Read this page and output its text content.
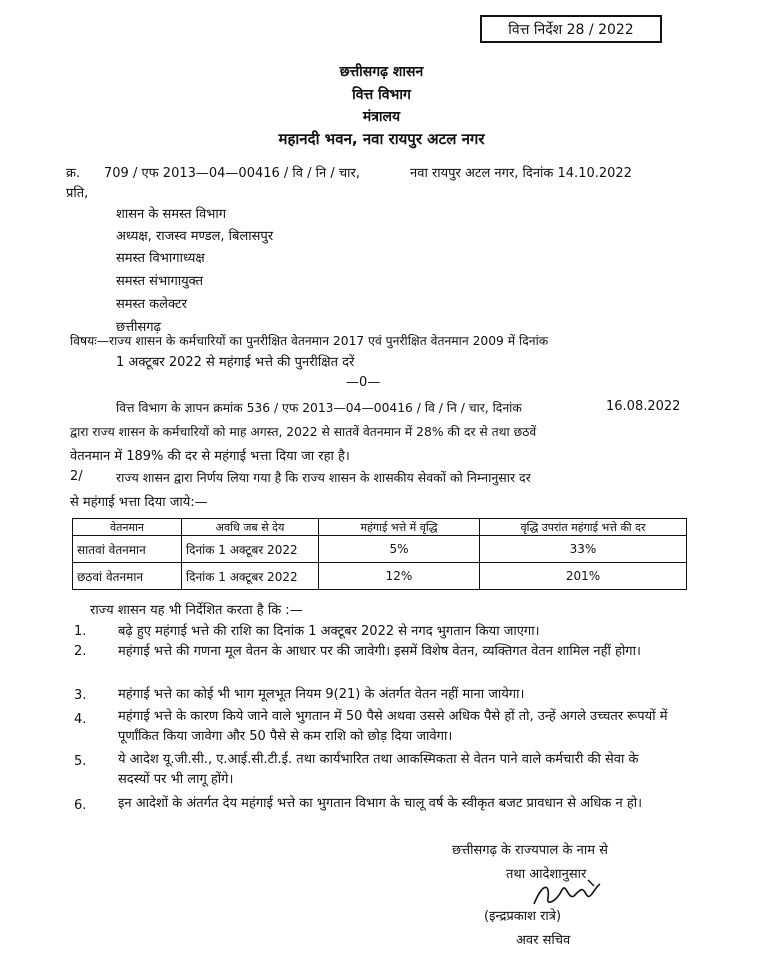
वित्त निर्देश 28 / 2022
छत्तीसगढ़ शासन
वित्त विभाग
मंत्रालय
महानदी भवन, नवा रायपुर अटल नगर
क्र. 709 / एफ 2013—04—00416 / वि / नि / चार,	नवा रायपुर अटल नगर, दिनांक 14.10.2022
प्रति,
शासन के समस्त विभाग
अध्यक्ष, राजस्व मण्डल, बिलासपुर
समस्त विभागाध्यक्ष
समस्त संभागायुक्त
समस्त कलेक्टर
छत्तीसगढ़
विषयः—राज्य शासन के कर्मचारियों का पुनरीक्षित वेतनमान 2017 एवं पुनरीक्षित वेतनमान 2009 में दिनांक
1 अक्टूबर 2022 से महंगाई भत्ते की पुनरीक्षित दरें
—0—
वित्त विभाग के ज्ञापन क्रमांक 536 / एफ 2013—04—00416 / वि / नि / चार, दिनांक	16.08.2022
द्वारा राज्य शासन के कर्मचारियों को माह अगस्त, 2022 से सातवें वेतनमान में 28% की दर से तथा छठवें
वेतनमान में 189% की दर से महंगाई भत्ता दिया जा रहा है।
2/	राज्य शासन द्वारा निर्णय लिया गया है कि राज्य शासन के शासकीय सेवकों को निम्नानुसार दर
से महंगाई भत्ता दिया जाये:—
वेतनमान	अवधि जब से देय	महंगाई भत्ते में वृद्धि	वृद्धि उपरांत महंगाई भत्ते की दर
सातवां वेतनमान	दिनांक 1 अक्टूबर 2022	5%	33%
छठवां वेतनमान	दिनांक 1 अक्टूबर 2022	12%	201%
राज्य शासन यह भी निर्देशित करता है कि :—
1. बढ़े हुए महंगाई भत्ते की राशि का दिनांक 1 अक्टूबर 2022 से नगद भुगतान किया जाएगा।
2. महंगाई भत्ते की गणना मूल वेतन के आधार पर की जावेगी। इसमें विशेष वेतन, व्यक्तिगत वेतन शामिल नहीं होगा।
3. महंगाई भत्ते का कोई भी भाग मूलभूत नियम 9(21) के अंतर्गत वेतन नहीं माना जायेगा।
4. महंगाई भत्ते के कारण किये जाने वाले भुगतान में 50 पैसे अथवा उससे अधिक पैसे हों तो, उन्हें अगले उच्चतर रूपयों में पूर्णांकित किया जावेगा और 50 पैसे से कम राशि को छोड़ दिया जावेगा।
5. ये आदेश यू.जी.सी., ए.आई.सी.टी.ई. तथा कार्यभारित तथा आकस्मिकता से वेतन पाने वाले कर्मचारी की सेवा के सदस्यों पर भी लागू होंगे।
6. इन आदेशों के अंतर्गत देय महंगाई भत्ते का भुगतान विभाग के चालू वर्ष के स्वीकृत बजट प्रावधान से अधिक न हो।
छत्तीसगढ़ के राज्यपाल के नाम से
तथा आदेशानुसार
(इन्द्रप्रकाश रात्रे)
अवर सचिव
